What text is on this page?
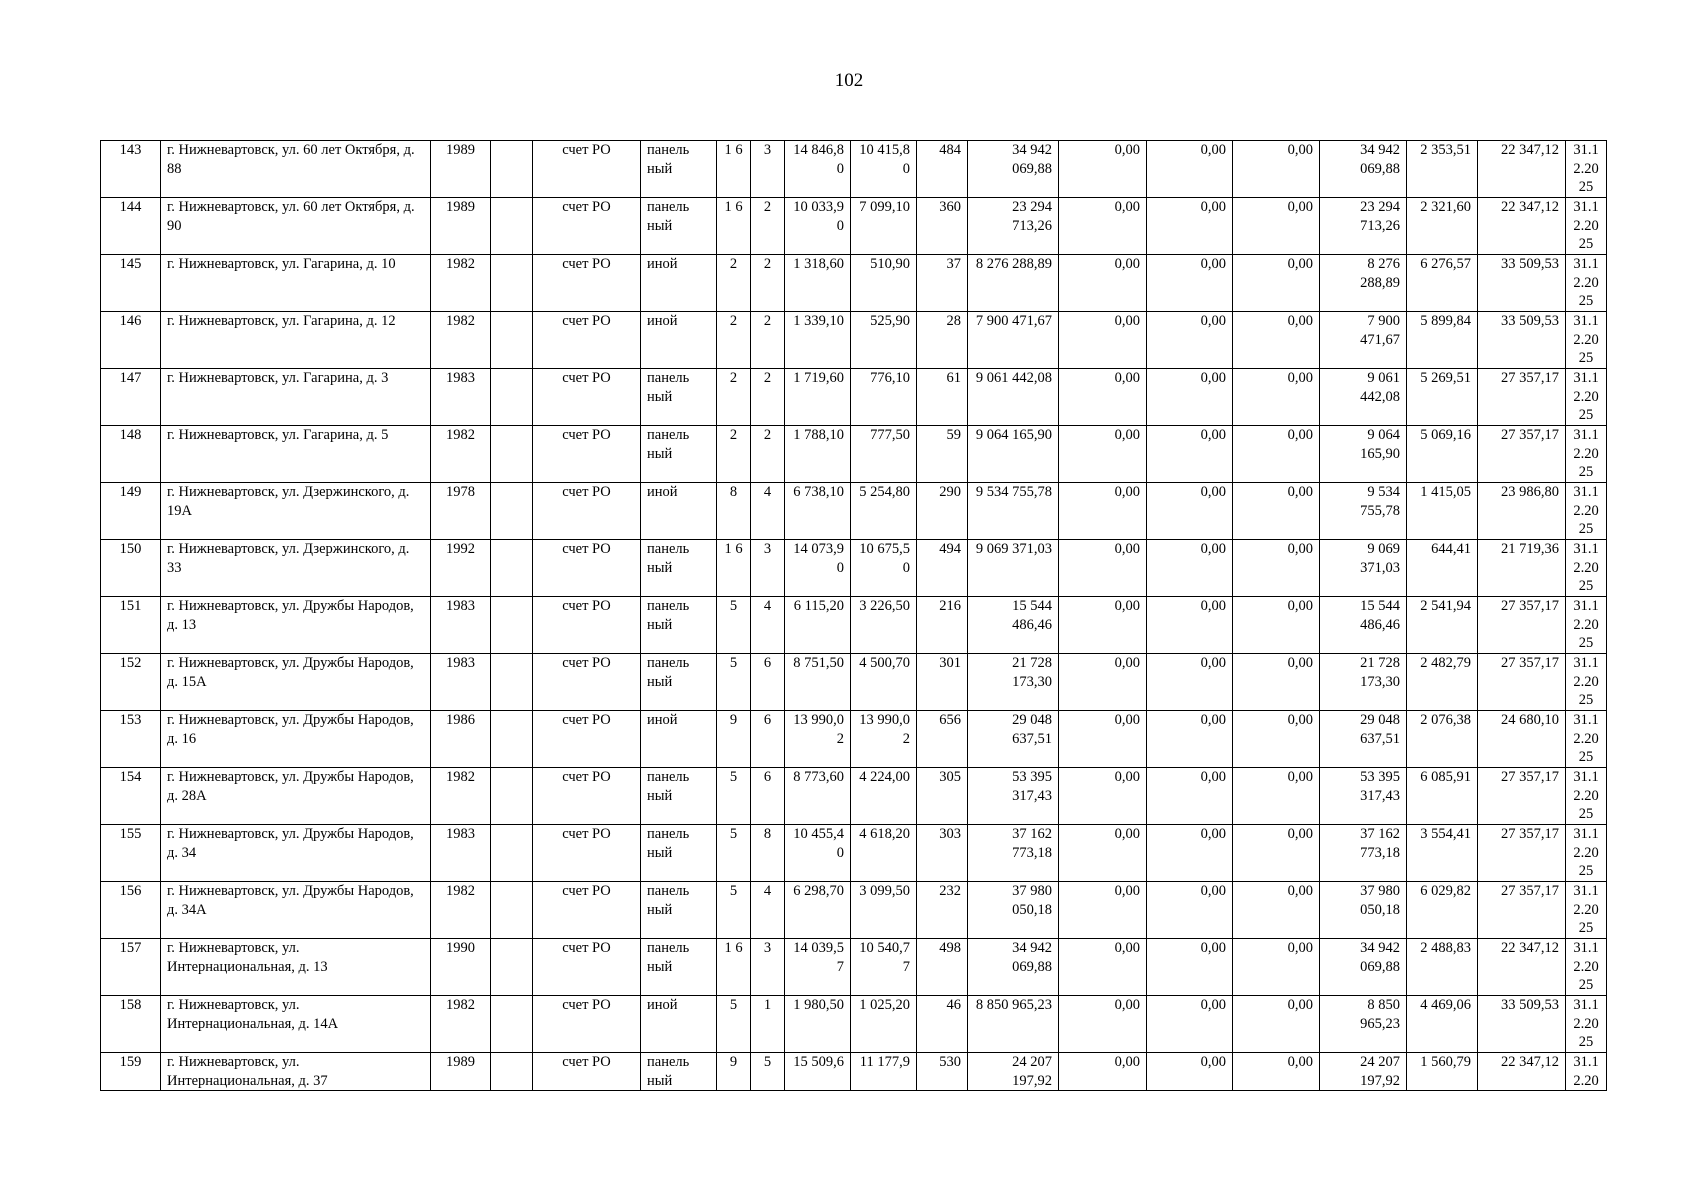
102
143	г. Нижневартовск, ул. 60 лет Октября, д. 88	1989		счет РО	панель ный	1 6	3	14 846,80	10 415,80	484	34 942 069,88	0,00	0,00	0,00	34 942 069,88	2 353,51	22 347,12	31.12.2025
144	г. Нижневартовск, ул. 60 лет Октября, д. 90	1989		счет РО	панель ный	1 6	2	10 033,90	7 099,10	360	23 294 713,26	0,00	0,00	0,00	23 294 713,26	2 321,60	22 347,12	31.12.2025
145	г. Нижневартовск, ул. Гагарина, д. 10	1982		счет РО	иной	2	2	1 318,60	510,90	37	8 276 288,89	0,00	0,00	0,00	8 276 288,89	6 276,57	33 509,53	31.12.2025
146	г. Нижневартовск, ул. Гагарина, д. 12	1982		счет РО	иной	2	2	1 339,10	525,90	28	7 900 471,67	0,00	0,00	0,00	7 900 471,67	5 899,84	33 509,53	31.12.2025
147	г. Нижневартовск, ул. Гагарина, д. 3	1983		счет РО	панель ный	2	2	1 719,60	776,10	61	9 061 442,08	0,00	0,00	0,00	9 061 442,08	5 269,51	27 357,17	31.12.2025
148	г. Нижневартовск, ул. Гагарина, д. 5	1982		счет РО	панель ный	2	2	1 788,10	777,50	59	9 064 165,90	0,00	0,00	0,00	9 064 165,90	5 069,16	27 357,17	31.12.2025
149	г. Нижневартовск, ул. Дзержинского, д. 19А	1978		счет РО	иной	8	4	6 738,10	5 254,80	290	9 534 755,78	0,00	0,00	0,00	9 534 755,78	1 415,05	23 986,80	31.12.2025
150	г. Нижневартовск, ул. Дзержинского, д. 33	1992		счет РО	панель ный	1 6	3	14 073,90	10 675,50	494	9 069 371,03	0,00	0,00	0,00	9 069 371,03	644,41	21 719,36	31.12.2025
151	г. Нижневартовск, ул. Дружбы Народов, д. 13	1983		счет РО	панель ный	5	4	6 115,20	3 226,50	216	15 544 486,46	0,00	0,00	0,00	15 544 486,46	2 541,94	27 357,17	31.12.2025
152	г. Нижневартовск, ул. Дружбы Народов, д. 15А	1983		счет РО	панель ный	5	6	8 751,50	4 500,70	301	21 728 173,30	0,00	0,00	0,00	21 728 173,30	2 482,79	27 357,17	31.12.2025
153	г. Нижневартовск, ул. Дружбы Народов, д. 16	1986		счет РО	иной	9	6	13 990,02	13 990,02	656	29 048 637,51	0,00	0,00	0,00	29 048 637,51	2 076,38	24 680,10	31.12.2025
154	г. Нижневартовск, ул. Дружбы Народов, д. 28А	1982		счет РО	панель ный	5	6	8 773,60	4 224,00	305	53 395 317,43	0,00	0,00	0,00	53 395 317,43	6 085,91	27 357,17	31.12.2025
155	г. Нижневартовск, ул. Дружбы Народов, д. 34	1983		счет РО	панель ный	5	8	10 455,40	4 618,20	303	37 162 773,18	0,00	0,00	0,00	37 162 773,18	3 554,41	27 357,17	31.12.2025
156	г. Нижневартовск, ул. Дружбы Народов, д. 34А	1982		счет РО	панель ный	5	4	6 298,70	3 099,50	232	37 980 050,18	0,00	0,00	0,00	37 980 050,18	6 029,82	27 357,17	31.12.2025
157	г. Нижневартовск, ул. Интернациональная, д. 13	1990		счет РО	панель ный	1 6	3	14 039,57	10 540,77	498	34 942 069,88	0,00	0,00	0,00	34 942 069,88	2 488,83	22 347,12	31.12.2025
158	г. Нижневартовск, ул. Интернациональная, д. 14А	1982		счет РО	иной	5	1	1 980,50	1 025,20	46	8 850 965,23	0,00	0,00	0,00	8 850 965,23	4 469,06	33 509,53	31.12.2025
159	г. Нижневартовск, ул. Интернациональная, д. 37	1989		счет РО	панель ный	9	5	15 509,6	11 177,9	530	24 207 197,92	0,00	0,00	0,00	24 207 197,92	1 560,79	22 347,12	31.12.20
